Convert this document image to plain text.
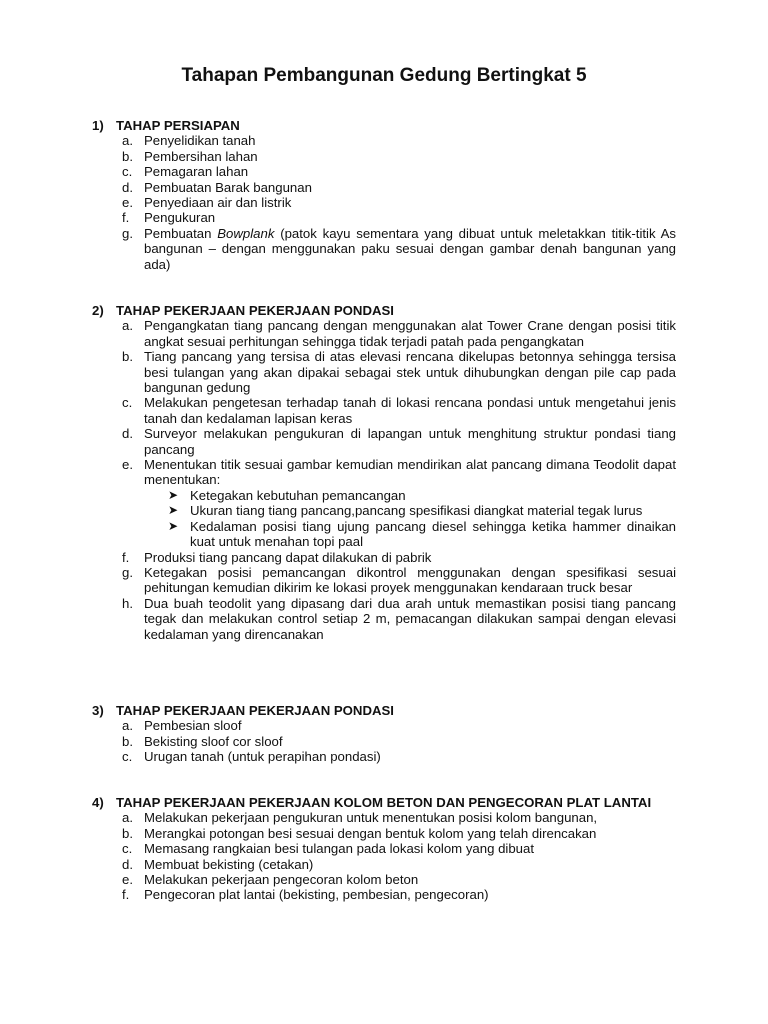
Tahapan Pembangunan Gedung Bertingkat 5
1) TAHAP PERSIAPAN
a. Penyelidikan tanah
b. Pembersihan lahan
c. Pemagaran lahan
d. Pembuatan Barak bangunan
e. Penyediaan air dan listrik
f. Pengukuran
g. Pembuatan Bowplank (patok kayu sementara yang dibuat untuk meletakkan titik-titik As bangunan – dengan menggunakan paku sesuai dengan gambar denah bangunan yang ada)
2) TAHAP PEKERJAAN PEKERJAAN PONDASI
a. Pengangkatan tiang pancang dengan menggunakan alat Tower Crane dengan posisi titik angkat sesuai perhitungan sehingga tidak terjadi patah pada pengangkatan
b. Tiang pancang yang tersisa di atas elevasi rencana dikelupas betonnya sehingga tersisa besi tulangan yang akan dipakai sebagai stek untuk dihubungkan dengan pile cap pada bangunan gedung
c. Melakukan pengetesan terhadap tanah di lokasi rencana pondasi untuk mengetahui jenis tanah dan kedalaman lapisan keras
d. Surveyor melakukan pengukuran di lapangan untuk menghitung struktur pondasi tiang pancang
e. Menentukan titik sesuai gambar kemudian mendirikan alat pancang dimana Teodolit dapat menentukan:
➤ Ketegakan kebutuhan pemancangan
➤ Ukuran tiang tiang pancang,pancang spesifikasi diangkat material tegak lurus
➤ Kedalaman posisi tiang ujung pancang diesel sehingga ketika hammer dinaikan kuat untuk menahan topi paal
f. Produksi tiang pancang dapat dilakukan di pabrik
g. Ketegakan posisi pemancangan dikontrol menggunakan dengan spesifikasi sesuai pehitungan kemudian dikirim ke lokasi proyek menggunakan kendaraan truck besar
h. Dua buah teodolit yang dipasang dari dua arah untuk memastikan posisi tiang pancang tegak dan melakukan control setiap 2 m, pemacangan dilakukan sampai dengan elevasi kedalaman yang direncanakan
3) TAHAP PEKERJAAN PEKERJAAN PONDASI
a. Pembesian sloof
b. Bekisting sloof cor sloof
c. Urugan tanah (untuk perapihan pondasi)
4) TAHAP PEKERJAAN PEKERJAAN KOLOM BETON DAN PENGECORAN PLAT LANTAI
a. Melakukan pekerjaan pengukuran untuk menentukan posisi kolom bangunan,
b. Merangkai potongan besi sesuai dengan bentuk kolom yang telah direncakan
c. Memasang rangkaian besi tulangan pada lokasi kolom yang dibuat
d. Membuat bekisting (cetakan)
e. Melakukan pekerjaan pengecoran kolom beton
f. Pengecoran plat lantai (bekisting, pembesian, pengecoran)
